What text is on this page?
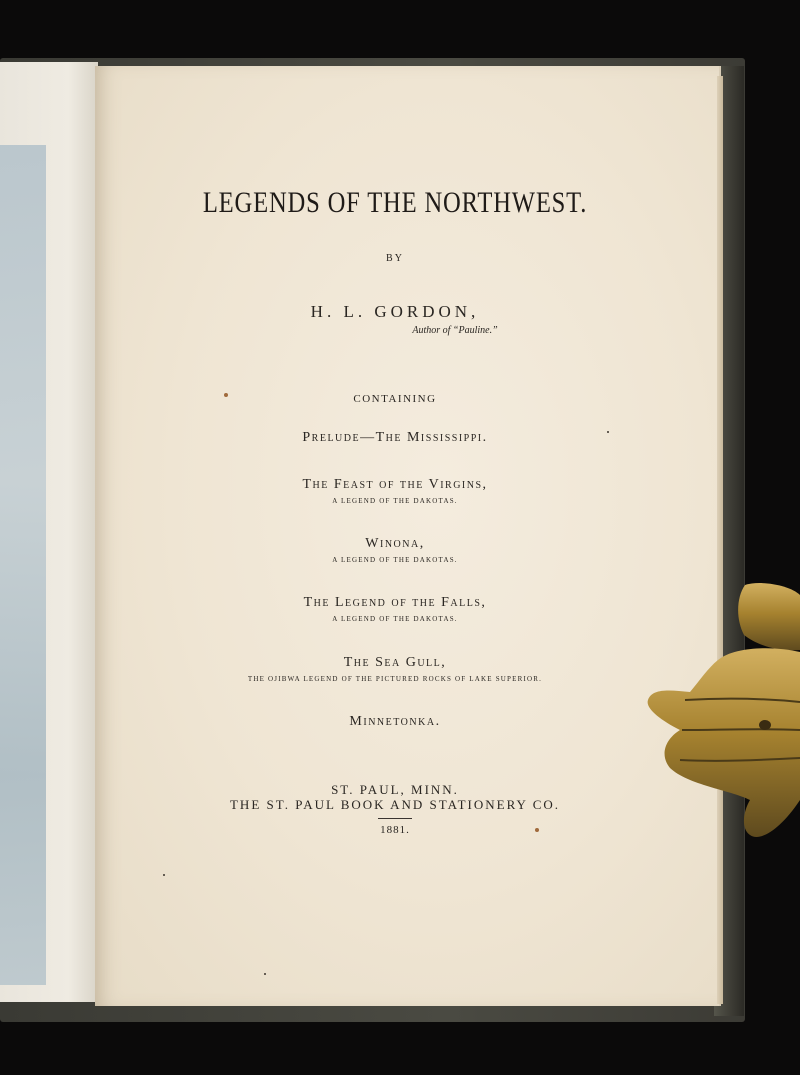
LEGENDS OF THE NORTHWEST.
BY
H. L. GORDON,
Author of “Pauline.”
CONTAINING
Prelude—The Mississippi.
The Feast of the Virgins,
A LEGEND OF THE DAKOTAS.
Winona,
A LEGEND OF THE DAKOTAS.
The Legend of the Falls,
A LEGEND OF THE DAKOTAS.
The Sea Gull,
THE OJIBWA LEGEND OF THE PICTURED ROCKS OF LAKE SUPERIOR.
Minnetonka.
ST. PAUL, MINN.
THE ST. PAUL BOOK AND STATIONERY CO.
1881.
